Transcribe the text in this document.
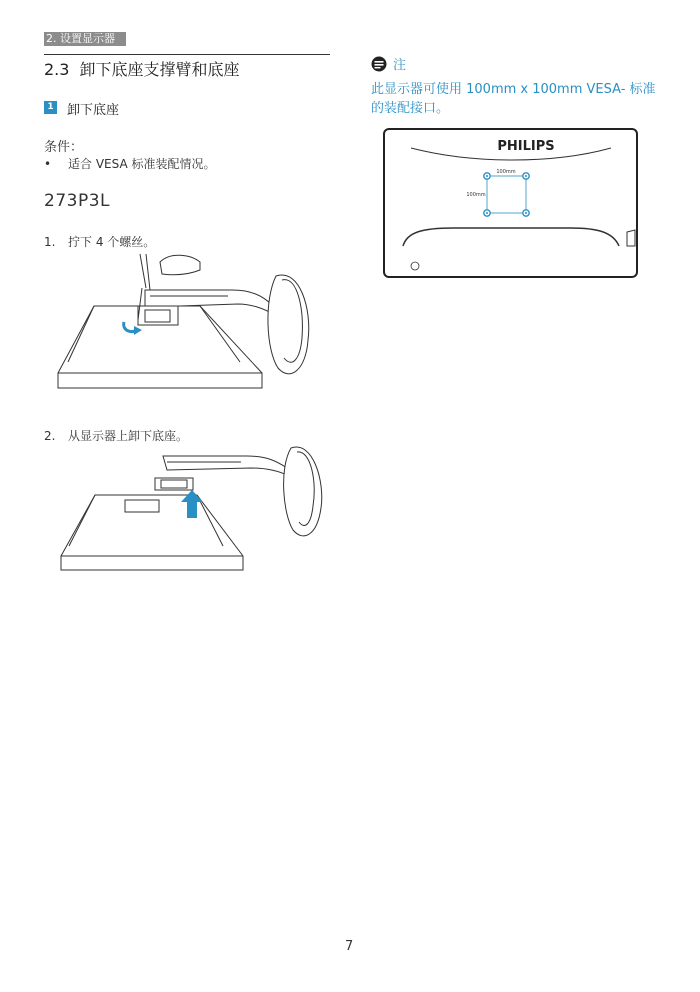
2. 设置显示器
2.3 卸下底座支撑臂和底座
1 卸下底座
条件：
• 适合 VESA 标准装配情况。
273P3L
1. 拧下 4 个螺丝。
2. 从显示器上卸下底座。
注
此显示器可使用 100mm x 100mm VESA- 标准的装配接口。
PHILIPS
100mm
100mm
7
